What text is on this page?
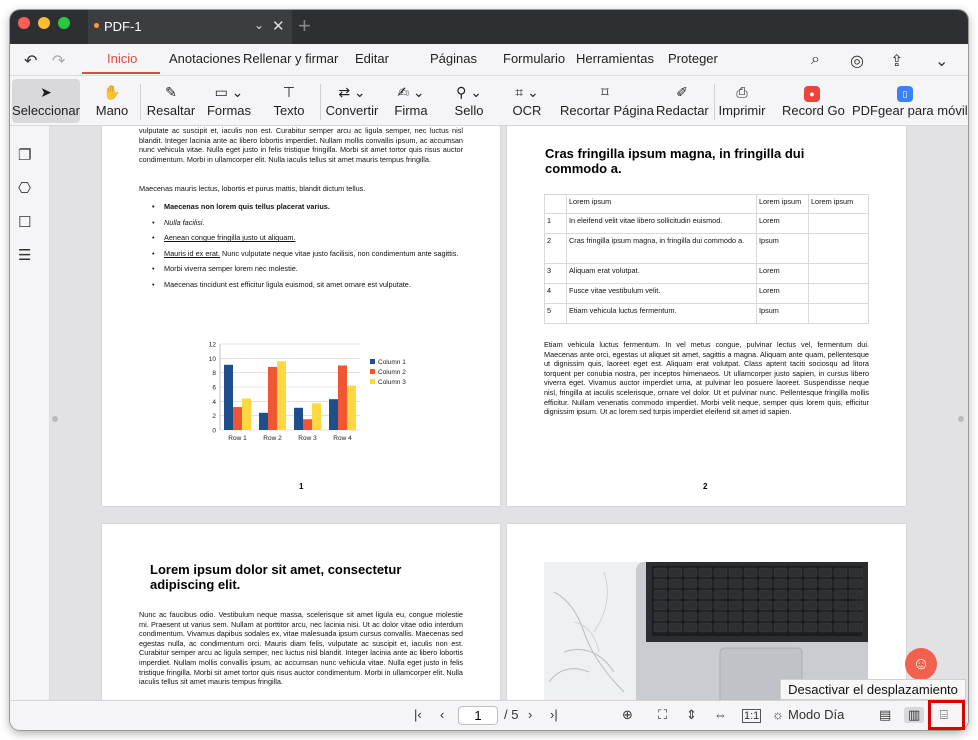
PDF-1	⌄ ✕ +
↶ ↷	Inicio Anotaciones Rellenar y firmar Editar	Páginas Formulario Herramientas Proteger	⌕ ◎ ⇪ ⌄
➤
Seleccionar
✋
Mano
✎
Resaltar
▭ ⌄
Formas
⊤
Texto
⇄ ⌄
Convertir
✍ ⌄
Firma
⚲ ⌄
Sello
⌗ ⌄
OCR
⌑
Recortar Página
✐
Redactar
⎙
Imprimir
●
Record Go
▯
PDFgear para móvil
❐
⎔
☐
☰
vulputate ac suscipit et, iaculis non est. Curabitur semper arcu ac ligula semper, nec luctus nisl blandit. Integer lacinia ante ac libero lobortis imperdiet. Nullam mollis convallis ipsum, ac accumsan nunc vehicula vitae. Nulla eget justo in felis tristique fringilla. Morbi sit amet tortor quis risus auctor condimentum. Morbi in ullamcorper elit. Nulla iaculis tellus sit amet mauris tempus fringilla.
Maecenas mauris lectus, lobortis et purus mattis, blandit dictum tellus.
• Maecenas non lorem quis tellus placerat varius.
• Nulla facilisi.
• Aenean congue fringilla justo ut aliquam.
• Mauris id ex erat. Nunc vulputate neque vitae justo facilisis, non condimentum ante sagittis.
• Morbi viverra semper lorem nec molestie.
• Maecenas tincidunt est efficitur ligula euismod, sit amet ornare est vulputate.
0
2
4
6
8
10
12
Row 1	Row 2	Row 3	Row 4
Column 1
Column 2
Column 3
1
Cras fringilla ipsum magna, in fringilla dui commodo a.
	Lorem ipsum	Lorem ipsum	Lorem ipsum
1	In eleifend velit vitae libero sollicitudin euismod.	Lorem	
2	Cras fringilla ipsum magna, in fringilla dui commodo a.	Ipsum	
3	Aliquam erat volutpat.	Lorem	
4	Fusce vitae vestibulum velit.	Lorem	
5	Etiam vehicula luctus fermentum.	Ipsum	
Etiam vehicula luctus fermentum. In vel metus congue, pulvinar lectus vel, fermentum dui. Maecenas ante orci, egestas ut aliquet sit amet, sagittis a magna. Aliquam ante quam, pellentesque ut dignissim quis, laoreet eget est. Aliquam erat volutpat. Class aptent taciti sociosqu ad litora torquent per conubia nostra, per inceptos himenaeos. Ut ullamcorper justo sapien, in cursus libero viverra eget. Vivamus auctor imperdiet urna, at pulvinar leo posuere laoreet. Suspendisse neque nisl, fringilla at iaculis scelerisque, ornare vel dolor. Ut et pulvinar nunc. Pellentesque fringilla mollis efficitur. Nullam venenatis commodo imperdiet. Morbi velit neque, semper quis lorem quis, efficitur dignissim ipsum. Ut ac lorem sed turpis imperdiet eleifend sit amet id sapien.
2
Lorem ipsum dolor sit amet, consectetur adipiscing elit.
Nunc ac faucibus odio. Vestibulum neque massa, scelerisque sit amet ligula eu, congue molestie mi. Praesent ut varius sem. Nullam at porttitor arcu, nec lacinia nisi. Ut ac dolor vitae odio interdum condimentum. Vivamus dapibus sodales ex, vitae malesuada ipsum cursus convallis. Maecenas sed egestas nulla, ac condimentum orci. Mauris diam felis, vulputate ac suscipit et, iaculis non est. Curabitur semper arcu ac ligula semper, nec luctus nisl blandit. Integer lacinia ante ac libero lobortis imperdiet. Nullam mollis convallis ipsum, ac accumsan nunc vehicula vitae. Nulla eget justo in felis tristique fringilla. Morbi sit amet tortor quis risus auctor condimentum. Morbi in ullamcorper elit. Nulla iaculis tellus sit amet mauris tempus fringilla.
|‹ ‹	1	/ 5 › ›|	⊕ ⛶ ⇕ ⇔ 1:1 ☼ Modo Día	▤	▥	⌸
☺
Desactivar el desplazamiento
